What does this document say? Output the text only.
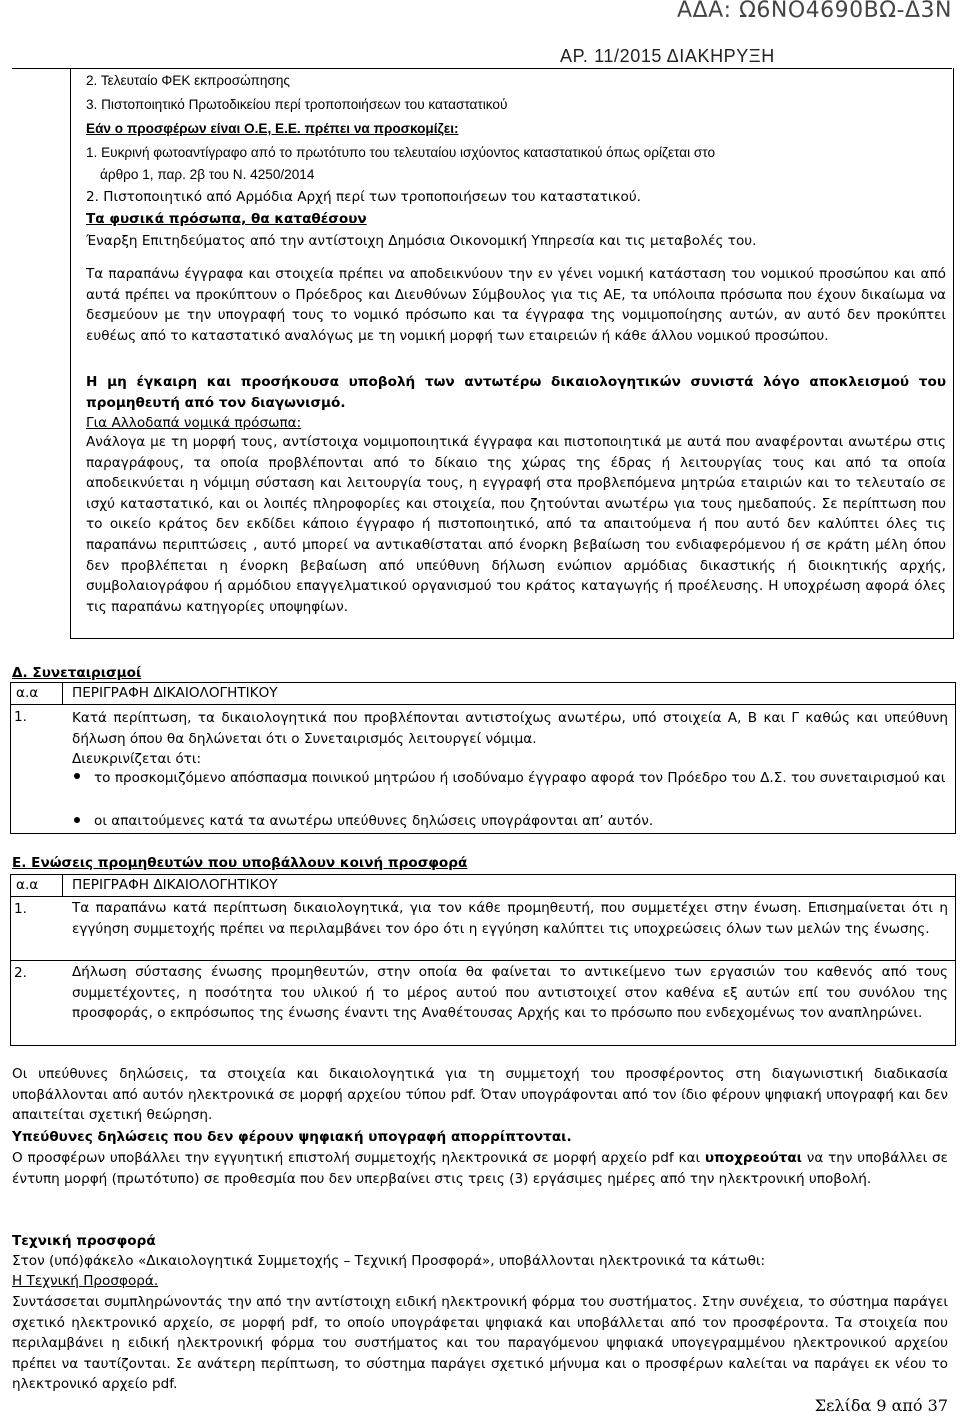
ΑΔΑ: Ω6ΝΟ4690ΒΩ-Δ3Ν
ΑΡ. 11/2015 ΔΙΑΚΗΡΥΞΗ
2. Τελευταίο ΦΕΚ εκπροσώπησης
3. Πιστοποιητικό Πρωτοδικείου περί τροποποιήσεων του καταστατικού
Εάν ο προσφέρων είναι Ο.Ε, Ε.Ε. πρέπει να προσκομίζει:
1. Ευκρινή φωτοαντίγραφο από το πρωτότυπο του τελευταίου ισχύοντος καταστατικού όπως ορίζεται στο
άρθρο 1, παρ. 2β του Ν. 4250/2014
2. Πιστοποιητικό από Αρμόδια Αρχή περί των τροποποιήσεων του καταστατικού.
Τα φυσικά πρόσωπα, θα καταθέσουν
Έναρξη Επιτηδεύματος από την αντίστοιχη Δημόσια Οικονομική Υπηρεσία και τις μεταβολές του.
Τα παραπάνω έγγραφα και στοιχεία πρέπει να αποδεικνύουν την εν γένει νομική κατάσταση του νομικού προσώπου και από αυτά πρέπει να προκύπτουν ο Πρόεδρος και Διευθύνων Σύμβουλος για τις ΑΕ, τα υπόλοιπα πρόσωπα που έχουν δικαίωμα να δεσμεύουν με την υπογραφή τους το νομικό πρόσωπο και τα έγγραφα της νομιμοποίησης αυτών, αν αυτό δεν προκύπτει ευθέως από το καταστατικό αναλόγως με τη νομική μορφή των εταιρειών ή κάθε άλλου νομικού προσώπου.
Η μη έγκαιρη και προσήκουσα υποβολή των αντωτέρω δικαιολογητικών συνιστά λόγο αποκλεισμού του προμηθευτή από τον διαγωνισμό.
Για Αλλοδαπά νομικά πρόσωπα:
Ανάλογα με τη μορφή τους, αντίστοιχα νομιμοποιητικά έγγραφα και πιστοποιητικά με αυτά που αναφέρονται ανωτέρω στις παραγράφους, τα οποία προβλέπονται από το δίκαιο της χώρας της έδρας ή λειτουργίας τους και από τα οποία αποδεικνύεται η νόμιμη σύσταση και λειτουργία τους, η εγγραφή στα προβλεπόμενα μητρώα εταιριών και το τελευταίο σε ισχύ καταστατικό, και οι λοιπές πληροφορίες και στοιχεία, που ζητούνται ανωτέρω για τους ημεδαπούς. Σε περίπτωση που το οικείο κράτος δεν εκδίδει κάποιο έγγραφο ή πιστοποιητικό, από τα απαιτούμενα ή που αυτό δεν καλύπτει όλες τις παραπάνω περιπτώσεις , αυτό μπορεί να αντικαθίσταται από ένορκη βεβαίωση του ενδιαφερόμενου ή σε κράτη μέλη όπου δεν προβλέπεται η ένορκη βεβαίωση από υπεύθυνη δήλωση ενώπιον αρμόδιας δικαστικής ή διοικητικής αρχής, συμβολαιογράφου ή αρμόδιου επαγγελματικού οργανισμού του κράτος καταγωγής ή προέλευσης. Η υποχρέωση αφορά όλες τις παραπάνω κατηγορίες υποψηφίων.
Δ. Συνεταιρισμοί
α.α ΠΕΡΙΓΡΑΦΗ ΔΙΚΑΙΟΛΟΓΗΤΙΚΟΥ
1.	Κατά περίπτωση, τα δικαιολογητικά που προβλέπονται αντιστοίχως ανωτέρω, υπό στοιχεία Α, Β και Γ καθώς και υπεύθυνη δήλωση όπου θα δηλώνεται ότι ο Συνεταιρισμός λειτουργεί νόμιμα.
Διευκρινίζεται ότι:
το προσκομιζόμενο απόσπασμα ποινικού μητρώου ή ισοδύναμο έγγραφο αφορά τον Πρόεδρο του Δ.Σ. του συνεταιρισμού και
οι απαιτούμενες κατά τα ανωτέρω υπεύθυνες δηλώσεις υπογράφονται απ’ αυτόν.
Ε. Ενώσεις προμηθευτών που υποβάλλουν κοινή προσφορά
α.α ΠΕΡΙΓΡΑΦΗ ΔΙΚΑΙΟΛΟΓΗΤΙΚΟΥ
1.	Τα παραπάνω κατά περίπτωση δικαιολογητικά, για τον κάθε προμηθευτή, που συμμετέχει στην ένωση. Επισημαίνεται ότι η εγγύηση συμμετοχής πρέπει να περιλαμβάνει τον όρο ότι η εγγύηση καλύπτει τις υποχρεώσεις όλων των μελών της ένωσης.
2.	Δήλωση σύστασης ένωσης προμηθευτών, στην οποία θα φαίνεται το αντικείμενο των εργασιών του καθενός από τους συμμετέχοντες, η ποσότητα του υλικού ή το μέρος αυτού που αντιστοιχεί στον καθένα εξ αυτών επί του συνόλου της προσφοράς, ο εκπρόσωπος της ένωσης έναντι της Αναθέτουσας Αρχής και το πρόσωπο που ενδεχομένως τον αναπληρώνει.
Οι υπεύθυνες δηλώσεις, τα στοιχεία και δικαιολογητικά για τη συμμετοχή του προσφέροντος στη διαγωνιστική διαδικασία υποβάλλονται από αυτόν ηλεκτρονικά σε μορφή αρχείου τύπου pdf. Όταν υπογράφονται από τον ίδιο φέρουν ψηφιακή υπογραφή και δεν απαιτείται σχετική θεώρηση.
Υπεύθυνες δηλώσεις που δεν φέρουν ψηφιακή υπογραφή απορρίπτονται.
Ο προσφέρων υποβάλλει την εγγυητική επιστολή συμμετοχής ηλεκτρονικά σε μορφή αρχείο pdf και υποχρεούται να την υποβάλλει σε έντυπη μορφή (πρωτότυπο) σε προθεσμία που δεν υπερβαίνει στις τρεις (3) εργάσιμες ημέρες από την ηλεκτρονική υποβολή.
Τεχνική προσφορά
Στον (υπό)φάκελο «Δικαιολογητικά Συμμετοχής – Τεχνική Προσφορά», υποβάλλονται ηλεκτρονικά τα κάτωθι:
Η Τεχνική Προσφορά.
Συντάσσεται συμπληρώνοντάς την από την αντίστοιχη ειδική ηλεκτρονική φόρμα του συστήματος. Στην συνέχεια, το σύστημα παράγει σχετικό ηλεκτρονικό αρχείο, σε μορφή pdf, το οποίο υπογράφεται ψηφιακά και υποβάλλεται από τον προσφέροντα. Τα στοιχεία που περιλαμβάνει η ειδική ηλεκτρονική φόρμα του συστήματος και του παραγόμενου ψηφιακά υπογεγραμμένου ηλεκτρονικού αρχείου πρέπει να ταυτίζονται. Σε ανάτερη περίπτωση, το σύστημα παράγει σχετικό μήνυμα και ο προσφέρων καλείται να παράγει εκ νέου το ηλεκτρονικό αρχείο pdf.
Σελίδα 9 από 37
